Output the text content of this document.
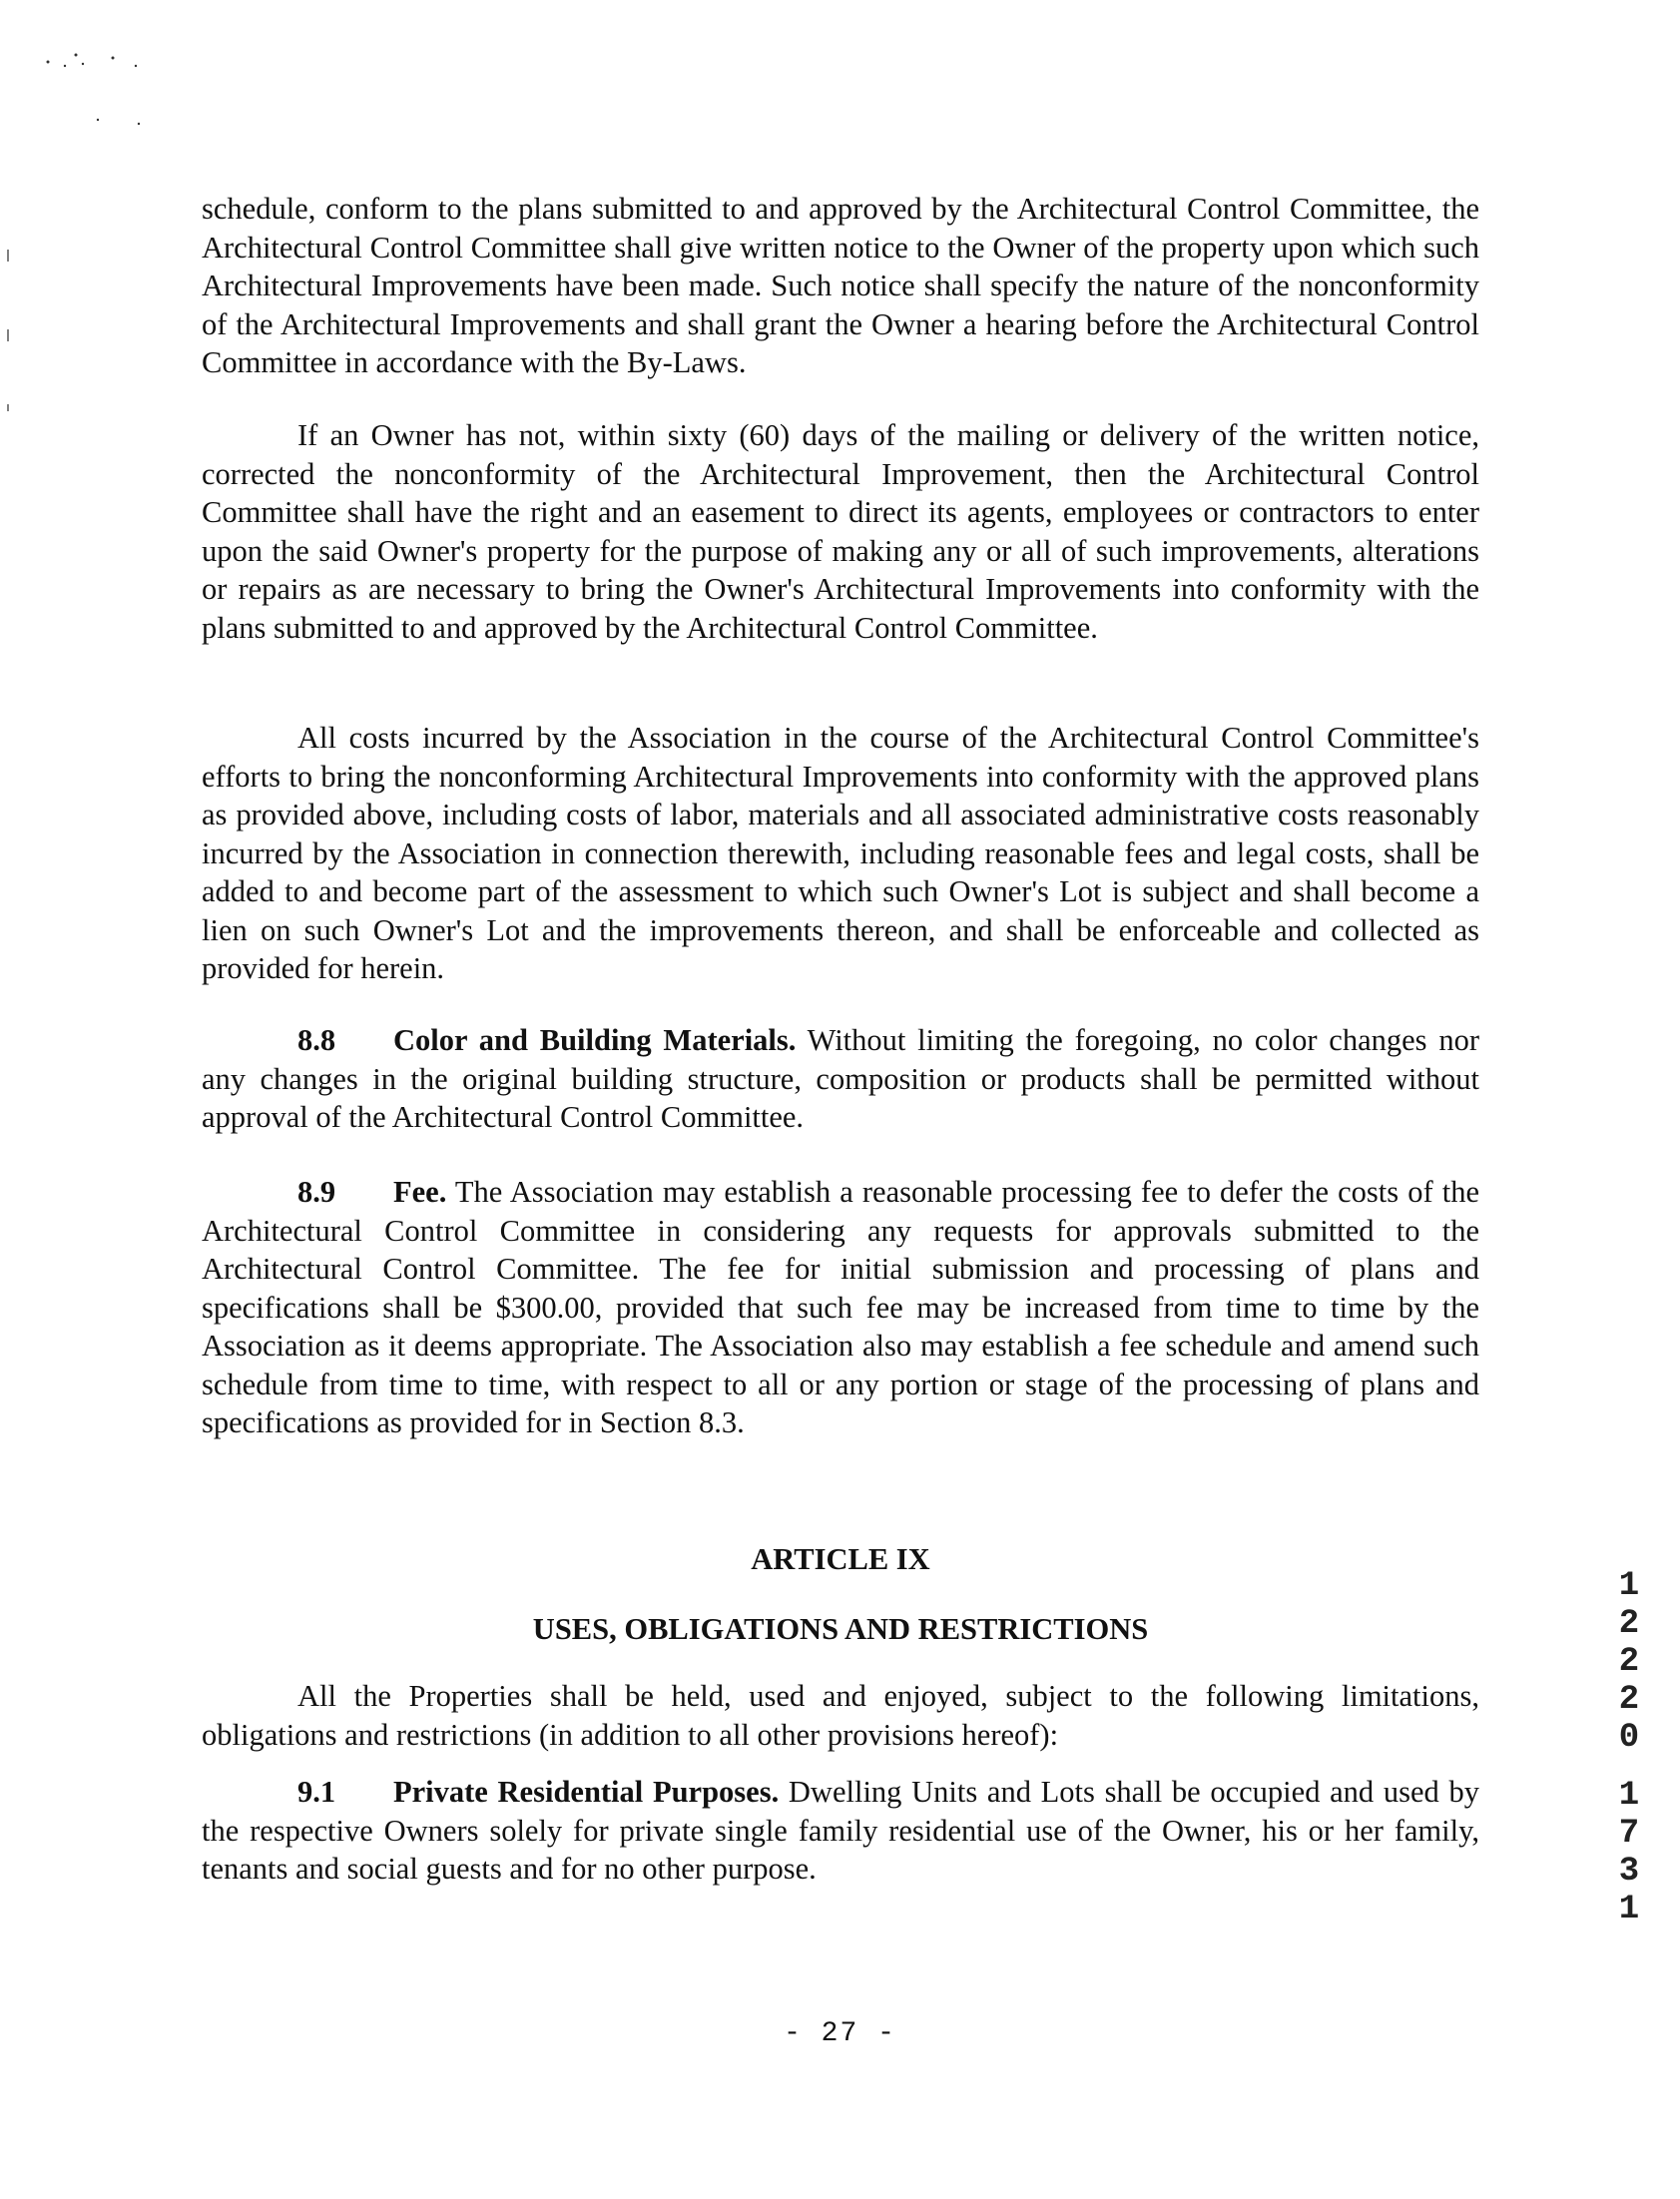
schedule, conform to the plans submitted to and approved by the Architectural Control Committee, the Architectural Control Committee shall give written notice to the Owner of the property upon which such Architectural Improvements have been made. Such notice shall specify the nature of the nonconformity of the Architectural Improvements and shall grant the Owner a hearing before the Architectural Control Committee in accordance with the By-Laws.

If an Owner has not, within sixty (60) days of the mailing or delivery of the written notice, corrected the nonconformity of the Architectural Improvement, then the Architectural Control Committee shall have the right and an easement to direct its agents, employees or contractors to enter upon the said Owner's property for the purpose of making any or all of such improvements, alterations or repairs as are necessary to bring the Owner's Architectural Improvements into conformity with the plans submitted to and approved by the Architectural Control Committee.

All costs incurred by the Association in the course of the Architectural Control Committee's efforts to bring the nonconforming Architectural Improvements into conformity with the approved plans as provided above, including costs of labor, materials and all associated administrative costs reasonably incurred by the Association in connection therewith, including reasonable fees and legal costs, shall be added to and become part of the assessment to which such Owner's Lot is subject and shall become a lien on such Owner's Lot and the improvements thereon, and shall be enforceable and collected as provided for herein.

8.8 Color and Building Materials. Without limiting the foregoing, no color changes nor any changes in the original building structure, composition or products shall be permitted without approval of the Architectural Control Committee.

8.9 Fee. The Association may establish a reasonable processing fee to defer the costs of the Architectural Control Committee in considering any requests for approvals submitted to the Architectural Control Committee. The fee for initial submission and processing of plans and specifications shall be $300.00, provided that such fee may be increased from time to time by the Association as it deems appropriate. The Association also may establish a fee schedule and amend such schedule from time to time, with respect to all or any portion or stage of the processing of plans and specifications as provided for in Section 8.3.

ARTICLE IX
USES, OBLIGATIONS AND RESTRICTIONS

All the Properties shall be held, used and enjoyed, subject to the following limitations, obligations and restrictions (in addition to all other provisions hereof):

9.1 Private Residential Purposes. Dwelling Units and Lots shall be occupied and used by the respective Owners solely for private single family residential use of the Owner, his or her family, tenants and social guests and for no other purpose.

1
2
2
2
0
1
7
3
1
- 27 -
